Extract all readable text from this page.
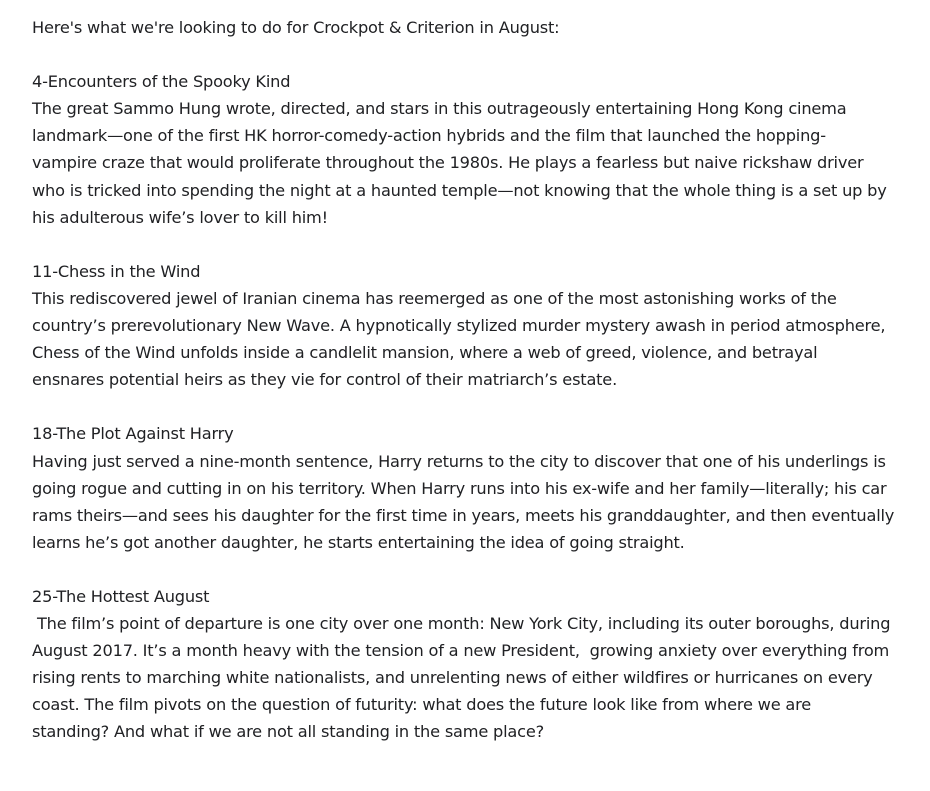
Here's what we're looking to do for Crockpot & Criterion in August:

4-Encounters of the Spooky Kind

The great Sammo Hung wrote, directed, and stars in this outrageously entertaining Hong Kong cinema
landmark—one of the first HK horror-comedy-action hybrids and the film that launched the hopping-
vampire craze that would proliferate throughout the 1980s. He plays a fearless but naive rickshaw driver
who is tricked into spending the night at a haunted temple—not knowing that the whole thing is a set up by
his adulterous wife’s lover to kill him!

11-Chess in the Wind

This rediscovered jewel of Iranian cinema has reemerged as one of the most astonishing works of the
country’s prerevolutionary New Wave. A hypnotically stylized murder mystery awash in period atmosphere,
Chess of the Wind unfolds inside a candlelit mansion, where a web of greed, violence, and betrayal
ensnares potential heirs as they vie for control of their matriarch’s estate.

18-The Plot Against Harry

Having just served a nine-month sentence, Harry returns to the city to discover that one of his underlings is
going rogue and cutting in on his territory. When Harry runs into his ex-wife and her family—literally; his car
rams theirs—and sees his daughter for the first time in years, meets his granddaughter, and then eventually
learns he’s got another daughter, he starts entertaining the idea of going straight.

25-The Hottest August

The film’s point of departure is one city over one month: New York City, including its outer boroughs, during
August 2017. It’s a month heavy with the tension of a new President,  growing anxiety over everything from
rising rents to marching white nationalists, and unrelenting news of either wildfires or hurricanes on every
coast. The film pivots on the question of futurity: what does the future look like from where we are
standing? And what if we are not all standing in the same place?
